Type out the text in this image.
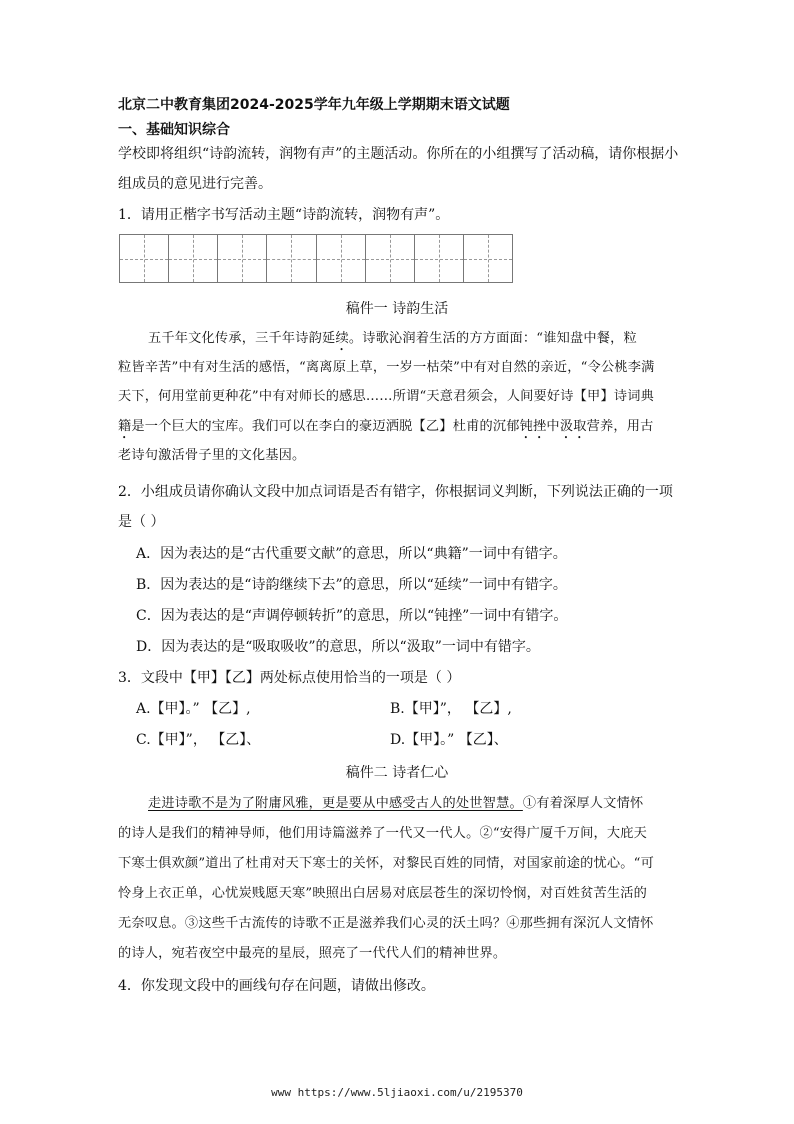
北京二中教育集团2024-2025学年九年级上学期期末语文试题
一、基础知识综合
学校即将组织“诗韵流转，润物有声”的主题活动。你所在的小组撰写了活动稿，请你根据小
组成员的意见进行完善。
1．请用正楷字书写活动主题“诗韵流转，润物有声”。
稿件一 诗韵生活
五千年文化传承，三千年诗韵延续。诗歌沁润着生活的方方面面：“谁知盘中餐，粒
粒皆辛苦”中有对生活的感悟，“离离原上草，一岁一枯荣”中有对自然的亲近，“令公桃李满
天下，何用堂前更种花”中有对师长的感思……所谓“天意君须会，人间要好诗【甲】诗词典
籍是一个巨大的宝库。我们可以在李白的豪迈洒脱【乙】杜甫的沉郁钝挫中汲取营养，用古
老诗句激活骨子里的文化基因。
2．小组成员请你确认文段中加点词语是否有错字，你根据词义判断，下列说法正确的一项
是（ ）
A．因为表达的是“古代重要文献”的意思，所以“典籍”一词中有错字。
B．因为表达的是“诗韵继续下去”的意思，所以“延续”一词中有错字。
C．因为表达的是“声调停顿转折”的意思，所以“钝挫”一词中有错字。
D．因为表达的是“吸取吸收”的意思，所以“汲取”一词中有错字。
3．文段中【甲】【乙】两处标点使用恰当的一项是（ ）
A.【甲】。” 【乙】,	B.【甲】”， 【乙】,
C.【甲】”， 【乙】、	D.【甲】。” 【乙】、
稿件二 诗者仁心
走进诗歌不是为了附庸风雅，更是要从中感受古人的处世智慧。①有着深厚人文情怀
的诗人是我们的精神导师，他们用诗篇滋养了一代又一代人。②“安得广厦千万间，大庇天
下寒士俱欢颜”道出了杜甫对天下寒士的关怀，对黎民百姓的同情，对国家前途的忧心。“可
怜身上衣正单，心忧炭贱愿天寒”映照出白居易对底层苍生的深切怜悯，对百姓贫苦生活的
无奈叹息。③这些千古流传的诗歌不正是滋养我们心灵的沃土吗？④那些拥有深沉人文情怀
的诗人，宛若夜空中最亮的星辰，照亮了一代代人们的精神世界。
4．你发现文段中的画线句存在问题，请做出修改。
www https://www.5ljiaoxi.com/u/2195370
